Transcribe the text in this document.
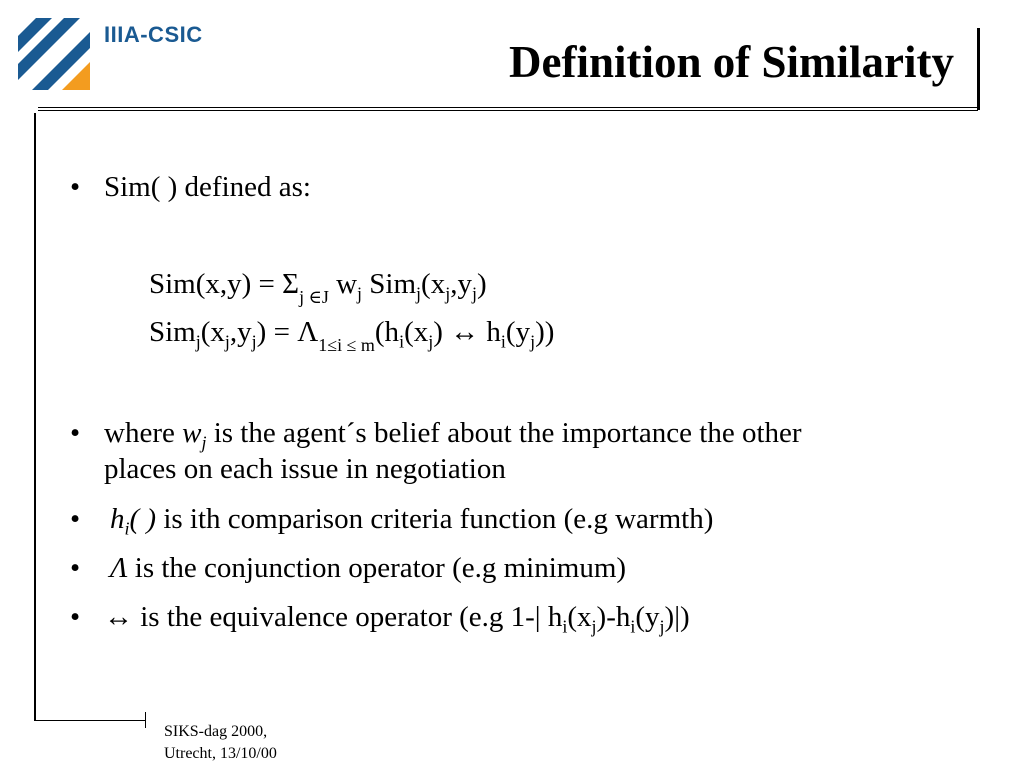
IIIA-CSIC
Definition of Similarity
• Sim( ) defined as:
$Sim(x,y) = \Sigma_{j \in J}$ $w_j$ $Sim_j(x_j,y_j)$
$Sim_j(x_j,y_j) = \Lambda_{1\le i \le m}(h_i(x_j)$ ↔ $h_i(y_j)$)
• where $w_j$ is the agent´s belief about the importance the other
places on each issue in negotiation
• $h_i$( ) is ith comparison criteria function (e.g warmth)
• Λ is the conjunction operator (e.g minimum)
• ↔ is the equivalence operator (e.g 1-| $h_i(x_j)-h_i(y_j)|$)
SIKS-dag 2000,
Utrecht, 13/10/00
